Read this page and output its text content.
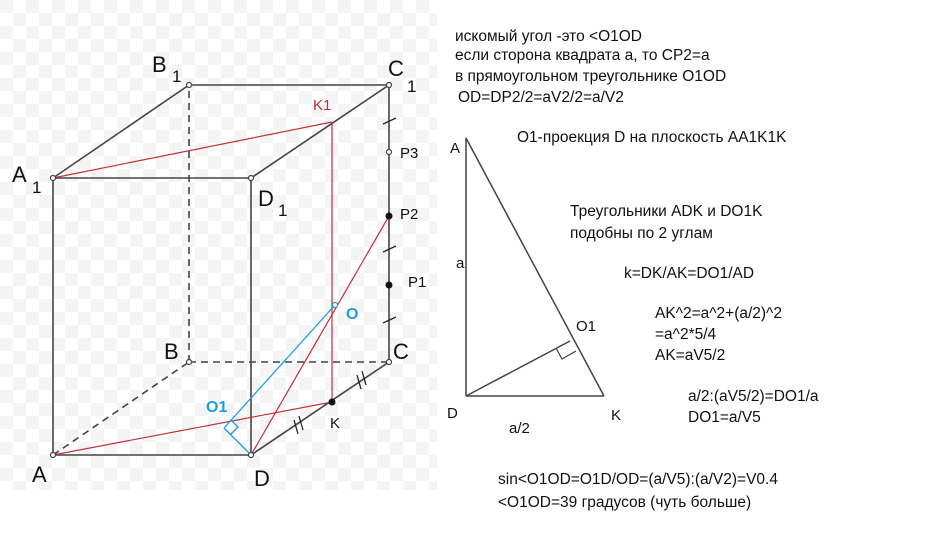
A
B	C
D
A
1
B 1	C
1
D 1
K1
K
O
O1
P1
P2
P3 A
D	K
O1
a
a/2
искомый угол -это <O1OD
если сторона квадрата а, то CP2=a
в прямоугольном треугольнике O1OD
OD=DP2/2=aV2/2=a/V2
O1-проекция D на плоскость AA1K1K
Треугольники ADK и DO1K
подобны по 2 углам
k=DK/AK=DO1/AD
AK^2=a^2+(a/2)^2
=a^2*5/4
AK=aV5/2
a/2:(aV5/2)=DO1/a
DO1=a/V5
sin<O1OD=O1D/OD=(a/V5):(a/V2)=V0.4
<O1OD=39 градусов (чуть больше)
